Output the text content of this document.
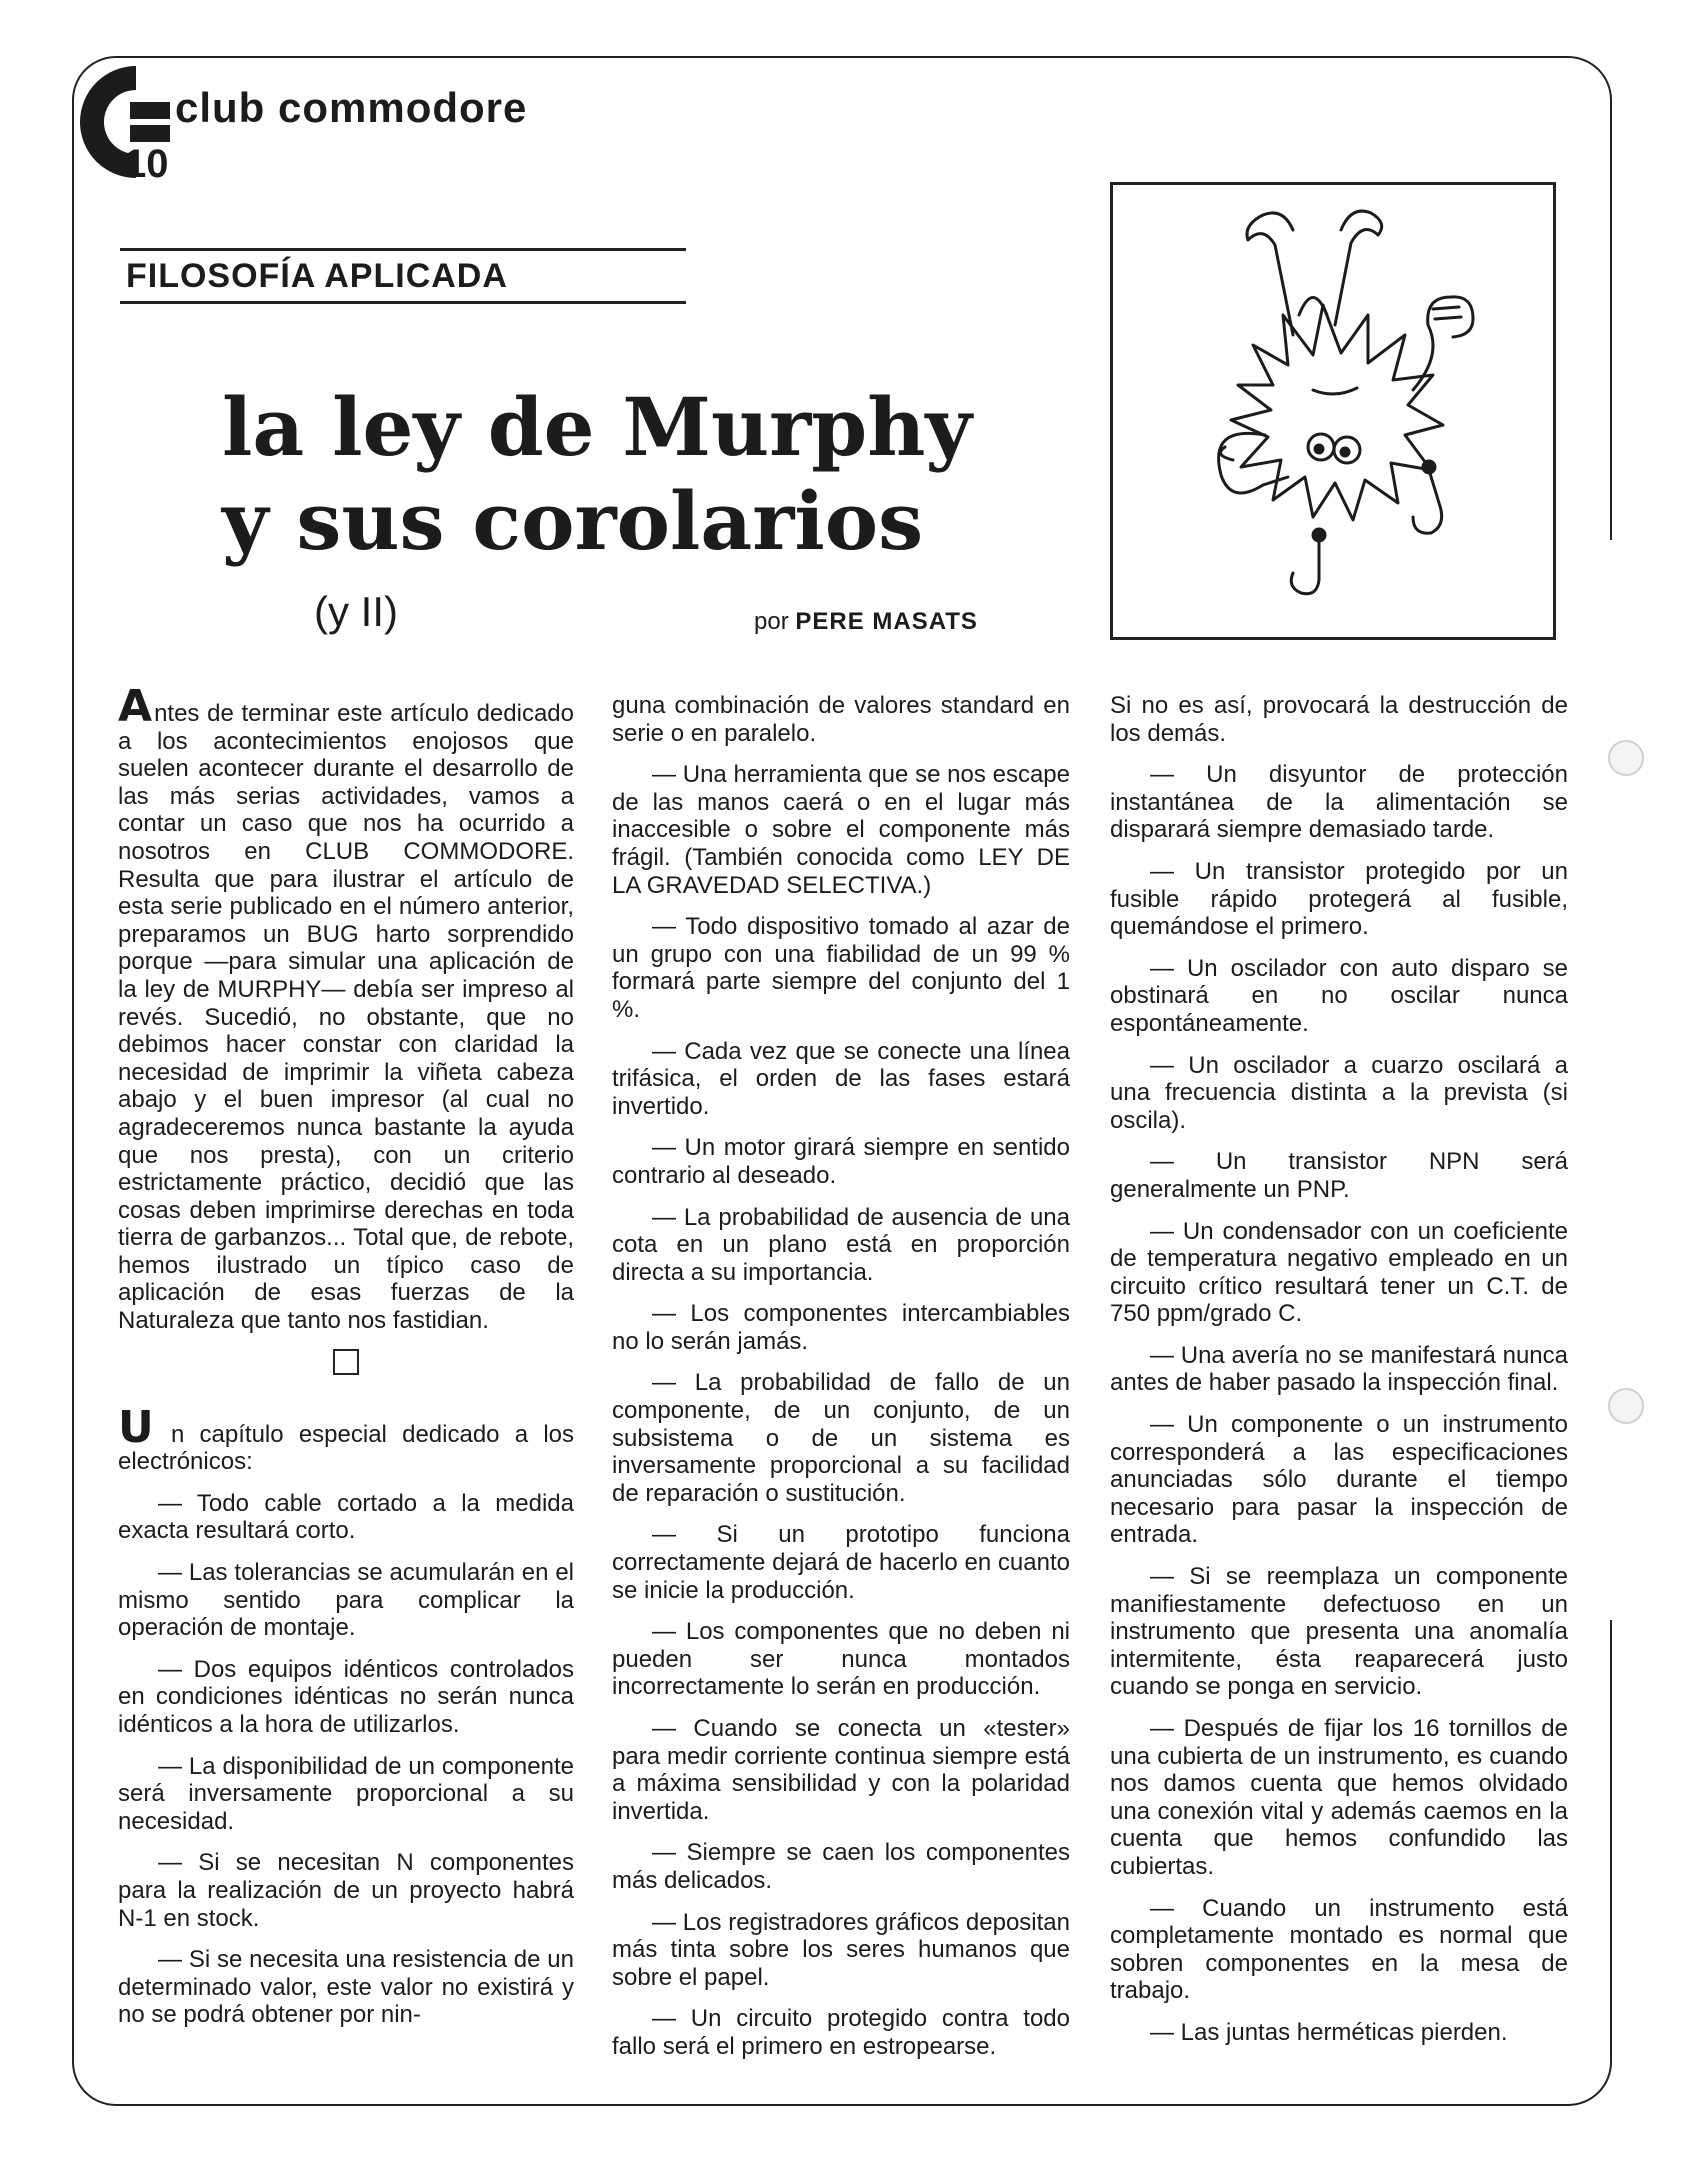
club commodore
10
FILOSOFÍA APLICADA
la ley de Murphy
y sus corolarios
(y II)	por PERE MASATS

Antes de terminar este artículo dedicado a los acontecimientos enojosos que suelen acontecer durante el desarrollo de las más serias actividades, vamos a contar un caso que nos ha ocurrido a nosotros en CLUB COMMODORE. Resulta que para ilustrar el artículo de esta serie publicado en el número anterior, preparamos un BUG harto sorprendido porque —para simular una aplicación de la ley de MURPHY— debía ser impreso al revés. Sucedió, no obstante, que no debimos hacer constar con claridad la necesidad de imprimir la viñeta cabeza abajo y el buen impresor (al cual no agradeceremos nunca bastante la ayuda que nos presta), con un criterio estrictamente práctico, decidió que las cosas deben imprimirse derechas en toda tierra de garbanzos... Total que, de rebote, hemos ilustrado un típico caso de aplicación de esas fuerzas de la Naturaleza que tanto nos fastidian.

U n capítulo especial dedicado a los electrónicos:

— Todo cable cortado a la medida exacta resultará corto.

— Las tolerancias se acumularán en el mismo sentido para complicar la operación de montaje.

— Dos equipos idénticos controlados en condiciones idénticas no serán nunca idénticos a la hora de utilizarlos.

— La disponibilidad de un componente será inversamente proporcional a su necesidad.

— Si se necesitan N componentes para la realización de un proyecto habrá N-1 en stock.

— Si se necesita una resistencia de un determinado valor, este valor no existirá y no se podrá obtener por nin-

guna combinación de valores standard en serie o en paralelo.

— Una herramienta que se nos escape de las manos caerá o en el lugar más inaccesible o sobre el componente más frágil. (También conocida como LEY DE LA GRAVEDAD SELECTIVA.)

— Todo dispositivo tomado al azar de un grupo con una fiabilidad de un 99 % formará parte siempre del conjunto del 1 %.

— Cada vez que se conecte una línea trifásica, el orden de las fases estará invertido.

— Un motor girará siempre en sentido contrario al deseado.

— La probabilidad de ausencia de una cota en un plano está en proporción directa a su importancia.

— Los componentes intercambiables no lo serán jamás.

— La probabilidad de fallo de un componente, de un conjunto, de un subsistema o de un sistema es inversamente proporcional a su facilidad de reparación o sustitución.

— Si un prototipo funciona correctamente dejará de hacerlo en cuanto se inicie la producción.

— Los componentes que no deben ni pueden ser nunca montados incorrectamente lo serán en producción.

— Cuando se conecta un «tester» para medir corriente continua siempre está a máxima sensibilidad y con la polaridad invertida.

— Siempre se caen los componentes más delicados.

— Los registradores gráficos depositan más tinta sobre los seres humanos que sobre el papel.

— Un circuito protegido contra todo fallo será el primero en estropearse.

Si no es así, provocará la destrucción de los demás.

— Un disyuntor de protección instantánea de la alimentación se disparará siempre demasiado tarde.

— Un transistor protegido por un fusible rápido protegerá al fusible, quemándose el primero.

— Un oscilador con auto disparo se obstinará en no oscilar nunca espontáneamente.

— Un oscilador a cuarzo oscilará a una frecuencia distinta a la prevista (si oscila).

— Un transistor NPN será generalmente un PNP.

— Un condensador con un coeficiente de temperatura negativo empleado en un circuito crítico resultará tener un C.T. de 750 ppm/grado C.

— Una avería no se manifestará nunca antes de haber pasado la inspección final.

— Un componente o un instrumento corresponderá a las especificaciones anunciadas sólo durante el tiempo necesario para pasar la inspección de entrada.

— Si se reemplaza un componente manifiestamente defectuoso en un instrumento que presenta una anomalía intermitente, ésta reaparecerá justo cuando se ponga en servicio.

— Después de fijar los 16 tornillos de una cubierta de un instrumento, es cuando nos damos cuenta que hemos olvidado una conexión vital y además caemos en la cuenta que hemos confundido las cubiertas.

— Cuando un instrumento está completamente montado es normal que sobren componentes en la mesa de trabajo.

— Las juntas herméticas pierden.
